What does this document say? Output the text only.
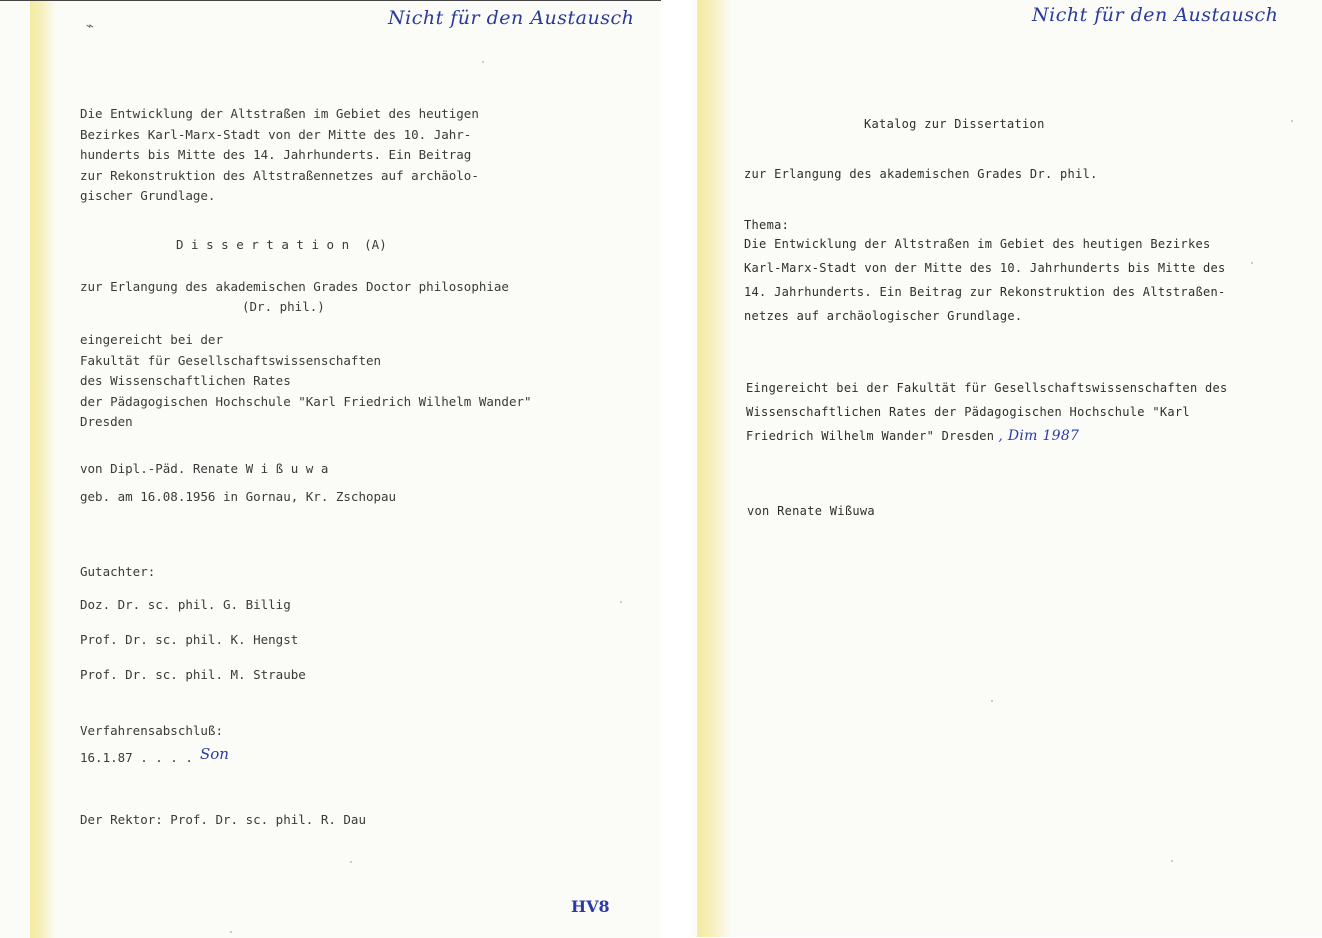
⌁	Nicht für den Austausch
Die Entwicklung der Altstraßen im Gebiet des heutigen
Bezirkes Karl-Marx-Stadt von der Mitte des 10. Jahr-
hunderts bis Mitte des 14. Jahrhunderts. Ein Beitrag
zur Rekonstruktion des Altstraßennetzes auf archäolo-
gischer Grundlage.
D i s s e r t a t i o n  (A)
zur Erlangung des akademischen Grades Doctor philosophiae
(Dr. phil.)
eingereicht bei der
Fakultät für Gesellschaftswissenschaften
des Wissenschaftlichen Rates
der Pädagogischen Hochschule "Karl Friedrich Wilhelm Wander"
Dresden
von Dipl.-Päd. Renate W i ß u w a
geb. am 16.08.1956 in Gornau, Kr. Zschopau
Gutachter:
Doz. Dr. sc. phil. G. Billig
Prof. Dr. sc. phil. K. Hengst
Prof. Dr. sc. phil. M. Straube
Verfahrensabschluß:
16.1.87 . . . . Son
Der Rektor: Prof. Dr. sc. phil. R. Dau
HV8
Nicht für den Austausch
Katalog zur Dissertation
zur Erlangung des akademischen Grades Dr. phil.
Thema:
Die Entwicklung der Altstraßen im Gebiet des heutigen Bezirkes
Karl-Marx-Stadt von der Mitte des 10. Jahrhunderts bis Mitte des
14. Jahrhunderts. Ein Beitrag zur Rekonstruktion des Altstraßen-
netzes auf archäologischer Grundlage.
Eingereicht bei der Fakultät für Gesellschaftswissenschaften des
Wissenschaftlichen Rates der Pädagogischen Hochschule "Karl
Friedrich Wilhelm Wander" Dresden , Dim 1987
von Renate Wißuwa
